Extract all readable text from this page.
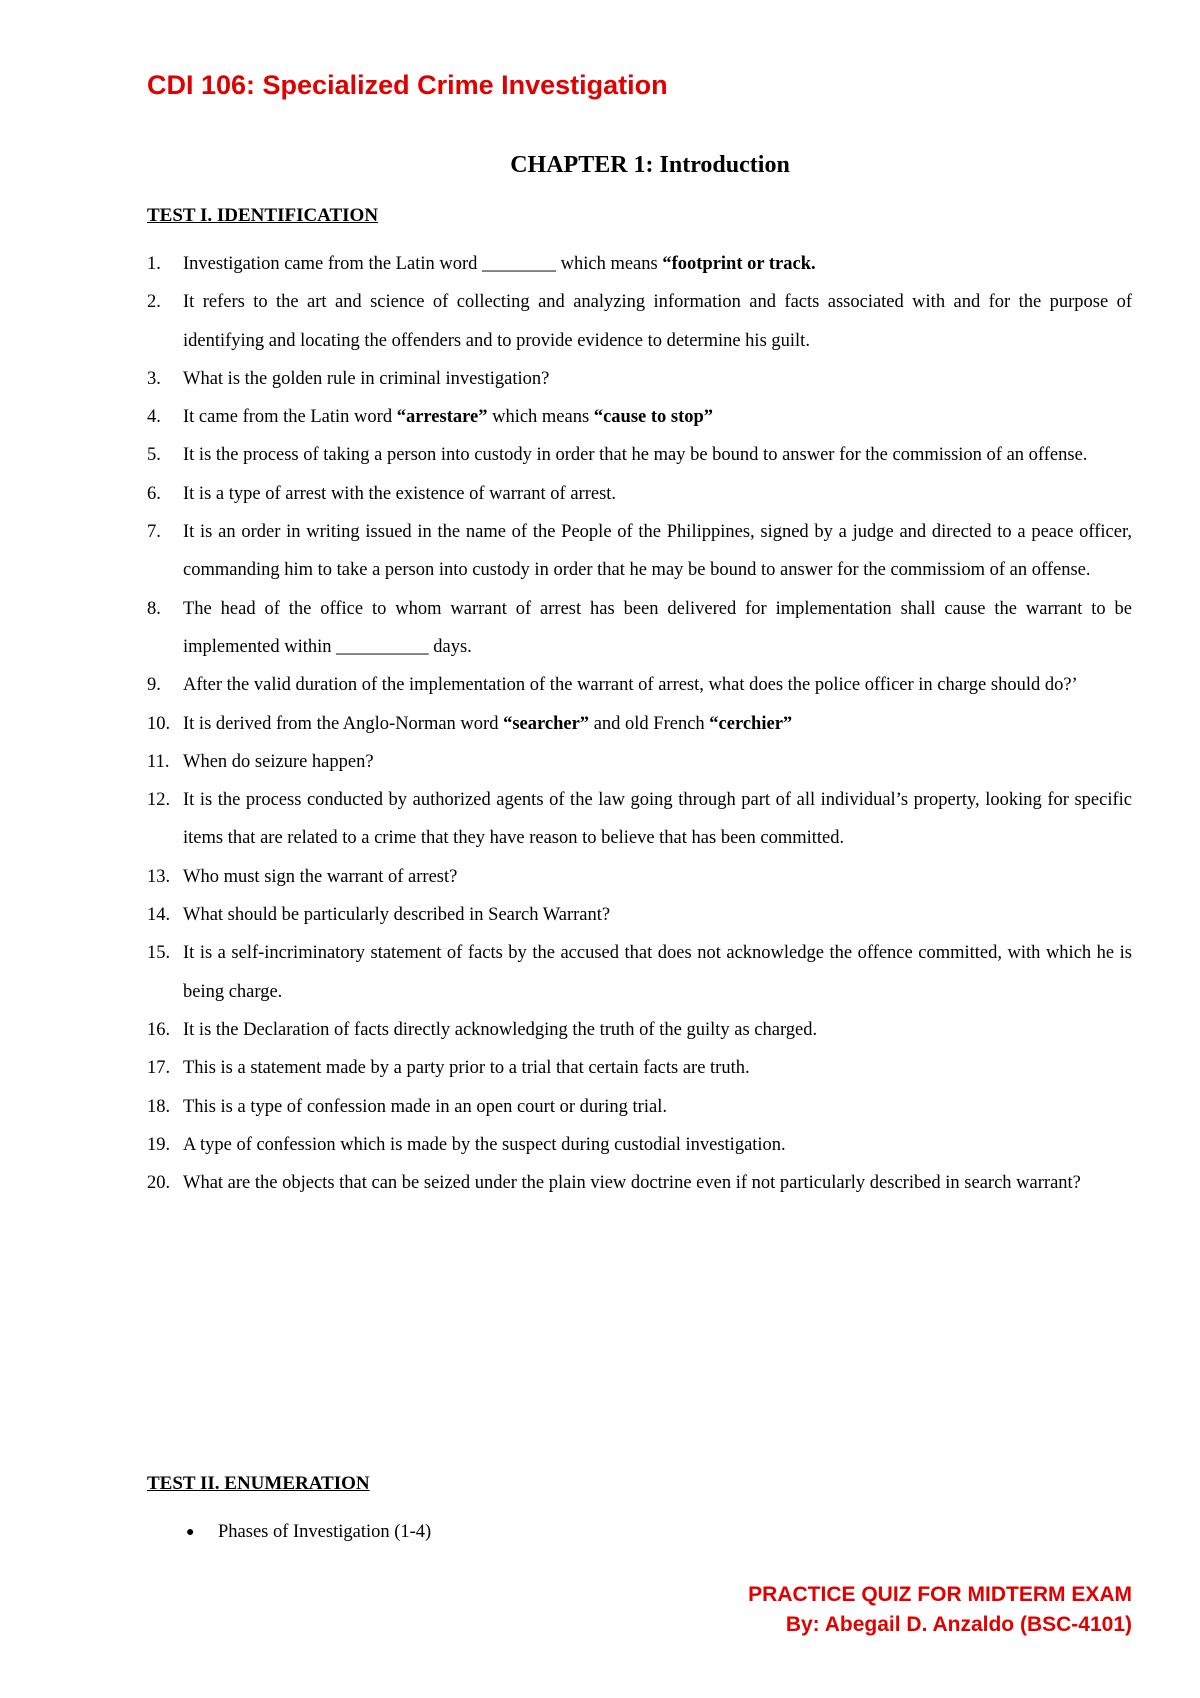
CDI 106: Specialized Crime Investigation
CHAPTER 1: Introduction
TEST I. IDENTIFICATION
1. Investigation came from the Latin word ________ which means “footprint or track.
2. It refers to the art and science of collecting and analyzing information and facts associated with and for the purpose of identifying and locating the offenders and to provide evidence to determine his guilt.
3. What is the golden rule in criminal investigation?
4. It came from the Latin word “arrestare” which means “cause to stop”
5. It is the process of taking a person into custody in order that he may be bound to answer for the commission of an offense.
6. It is a type of arrest with the existence of warrant of arrest.
7. It is an order in writing issued in the name of the People of the Philippines, signed by a judge and directed to a peace officer, commanding him to take a person into custody in order that he may be bound to answer for the commissiom of an offense.
8. The head of the office to whom warrant of arrest has been delivered for implementation shall cause the warrant to be implemented within __________ days.
9. After the valid duration of the implementation of the warrant of arrest, what does the police officer in charge should do?’
10. It is derived from the Anglo-Norman word “searcher” and old French “cerchier”
11. When do seizure happen?
12. It is the process conducted by authorized agents of the law going through part of all individual’s property, looking for specific items that are related to a crime that they have reason to believe that has been committed.
13. Who must sign the warrant of arrest?
14. What should be particularly described in Search Warrant?
15. It is a self-incriminatory statement of facts by the accused that does not acknowledge the offence committed, with which he is being charge.
16. It is the Declaration of facts directly acknowledging the truth of the guilty as charged.
17. This is a statement made by a party prior to a trial that certain facts are truth.
18. This is a type of confession made in an open court or during trial.
19. A type of confession which is made by the suspect during custodial investigation.
20. What are the objects that can be seized under the plain view doctrine even if not particularly described in search warrant?
TEST II. ENUMERATION
● Phases of Investigation (1-4)

PRACTICE QUIZ FOR MIDTERM EXAM

By: Abegail D. Anzaldo (BSC-4101)
